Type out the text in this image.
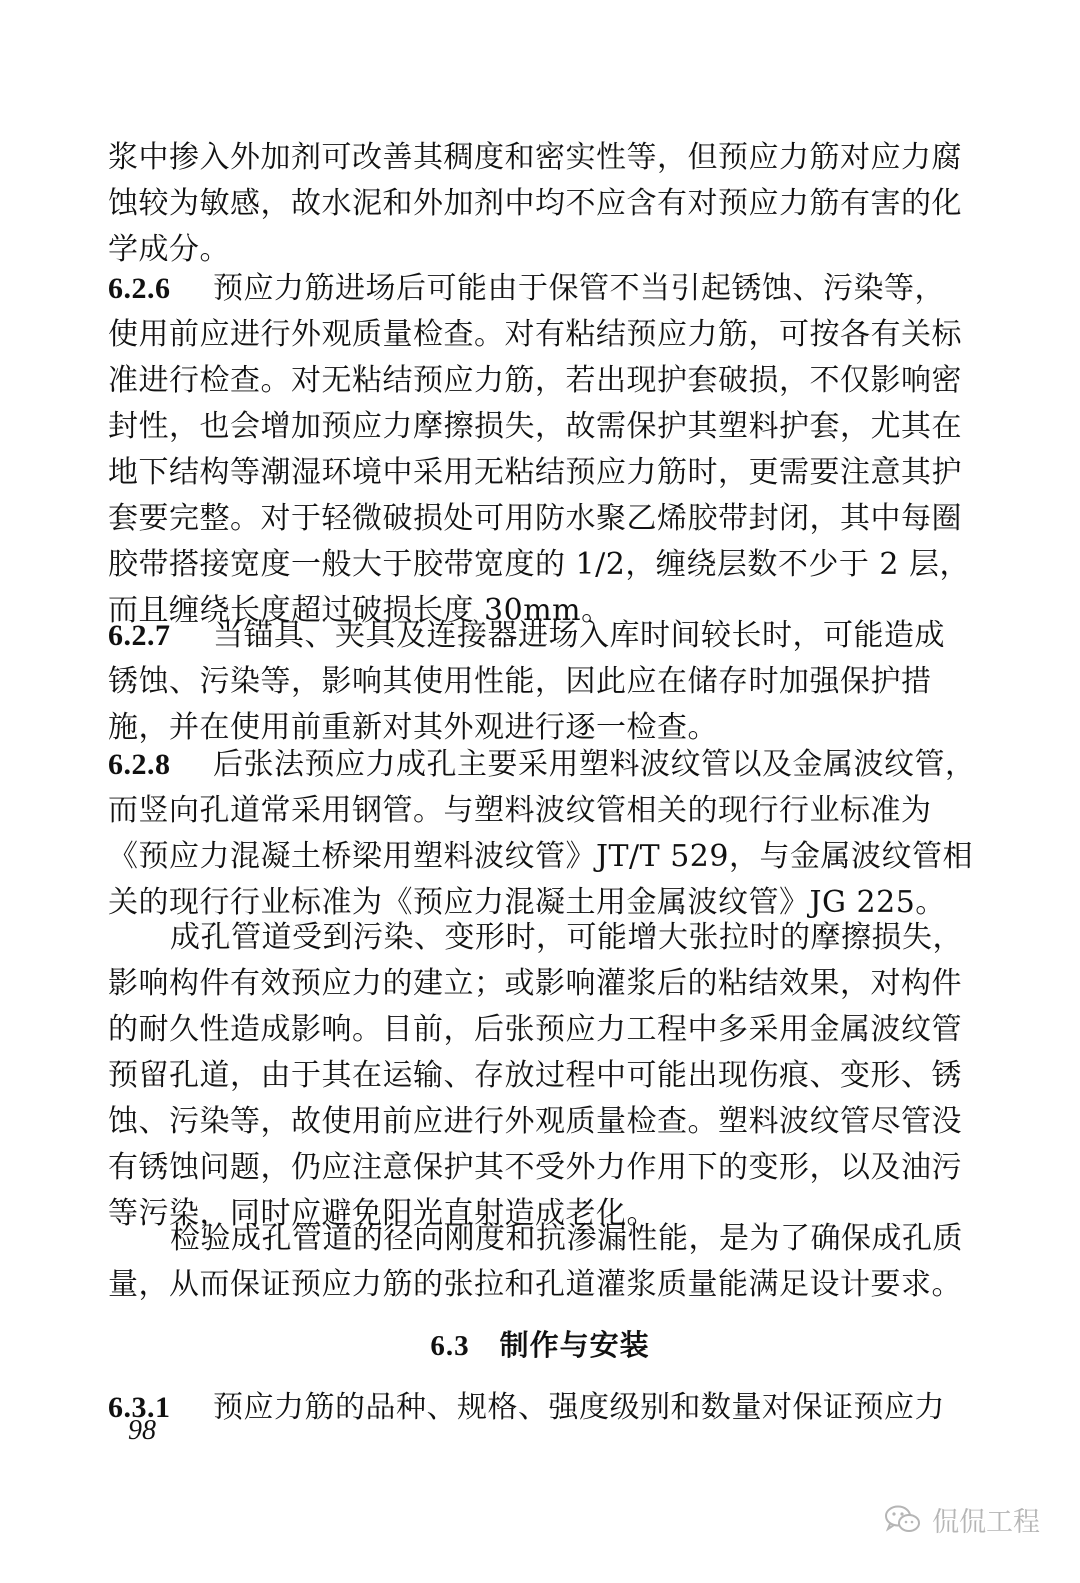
浆中掺入外加剂可改善其稠度和密实性等，但预应力筋对应力腐
蚀较为敏感，故水泥和外加剂中均不应含有对预应力筋有害的化
学成分。
6.2.6 预应力筋进场后可能由于保管不当引起锈蚀、污染等，
使用前应进行外观质量检查。对有粘结预应力筋，可按各有关标
准进行检查。对无粘结预应力筋，若出现护套破损，不仅影响密
封性，也会增加预应力摩擦损失，故需保护其塑料护套，尤其在
地下结构等潮湿环境中采用无粘结预应力筋时，更需要注意其护
套要完整。对于轻微破损处可用防水聚乙烯胶带封闭，其中每圈
胶带搭接宽度一般大于胶带宽度的 1/2，缠绕层数不少于 2 层，
而且缠绕长度超过破损长度 30mm。
6.2.7 当锚具、夹具及连接器进场入库时间较长时，可能造成
锈蚀、污染等，影响其使用性能，因此应在储存时加强保护措
施，并在使用前重新对其外观进行逐一检查。
6.2.8 后张法预应力成孔主要采用塑料波纹管以及金属波纹管，
而竖向孔道常采用钢管。与塑料波纹管相关的现行行业标准为
《预应力混凝土桥梁用塑料波纹管》JT/T 529，与金属波纹管相
关的现行行业标准为《预应力混凝土用金属波纹管》JG 225。
成孔管道受到污染、变形时，可能增大张拉时的摩擦损失，
影响构件有效预应力的建立；或影响灌浆后的粘结效果，对构件
的耐久性造成影响。目前，后张预应力工程中多采用金属波纹管
预留孔道，由于其在运输、存放过程中可能出现伤痕、变形、锈
蚀、污染等，故使用前应进行外观质量检查。塑料波纹管尽管没
有锈蚀问题，仍应注意保护其不受外力作用下的变形，以及油污
等污染，同时应避免阳光直射造成老化。
检验成孔管道的径向刚度和抗渗漏性能，是为了确保成孔质
量，从而保证预应力筋的张拉和孔道灌浆质量能满足设计要求。
6.3 制作与安装
6.3.1 预应力筋的品种、规格、强度级别和数量对保证预应力
98
侃侃工程
